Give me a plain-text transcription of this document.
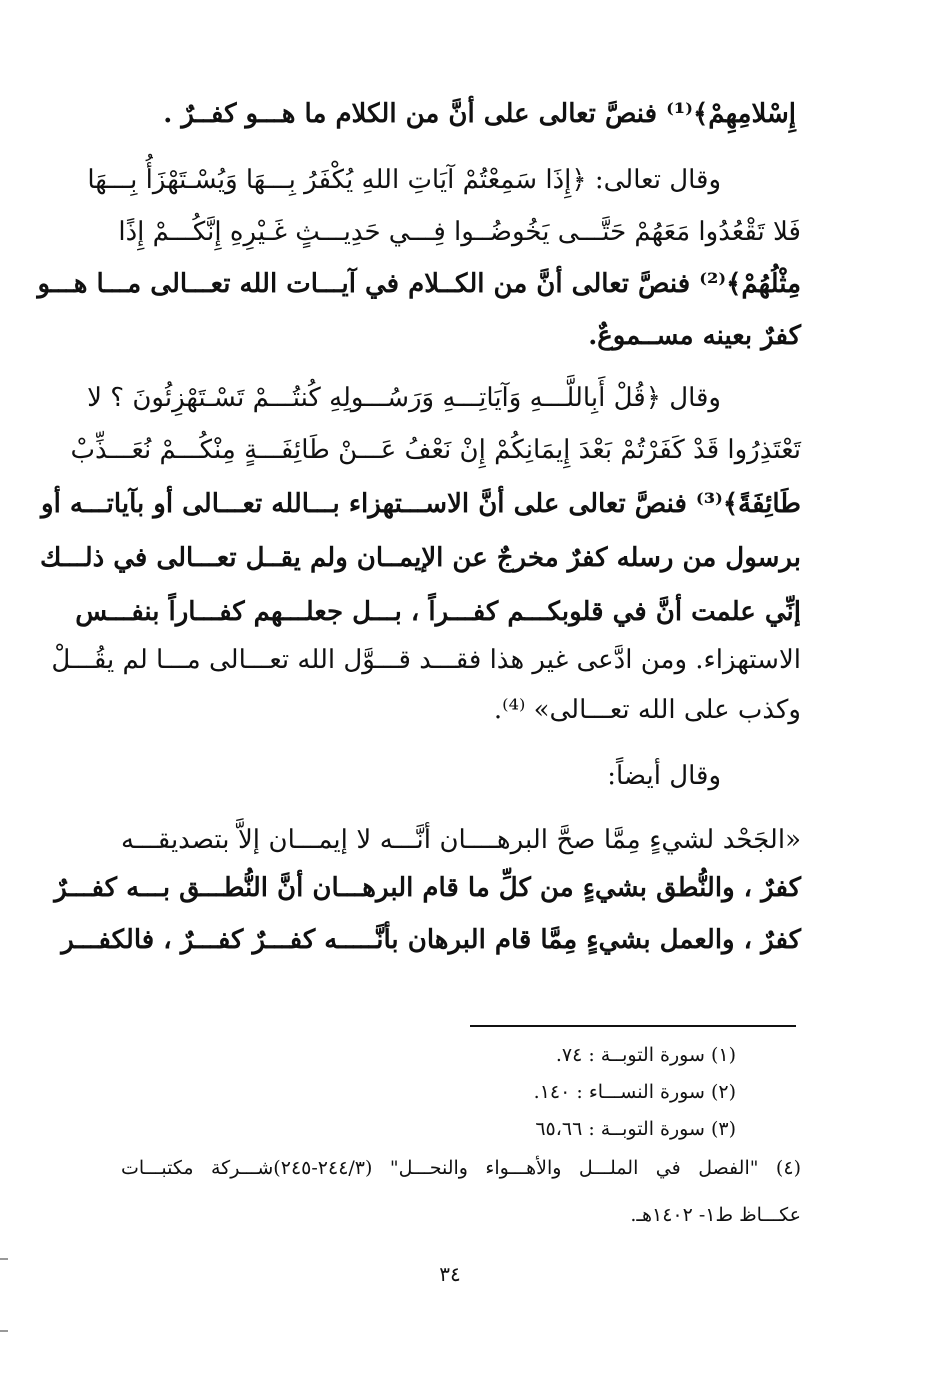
إِسْلامِهِمْ﴾⁽¹⁾ فنصَّ تعالى على أنَّ من الكلام ما هـــو كفــرٌ .
وقال تعالى: ﴿إِذَا سَمِعْتُمْ آيَاتِ اللهِ يُكْفَرُ بِـــهَا وَيُسْـتَهْزَأُ بِـــهَا
فَلا تَقْعُدُوا مَعَهُمْ حَتَّـــى يَخُوضُــوا فِـــي حَدِيـــثٍ غَـيْرِهِ إِنَّكُـــمْ إِذًا
مِثْلُهُمْ﴾⁽²⁾ فنصَّ تعالى أنَّ من الكــلام في آيـــات الله تعـــالى مـــا هـــو
كفرٌ بعينه مســموعٌ.
وقال ﴿قُلْ أَبِاللَّـــهِ وَآيَاتِـــهِ وَرَسُـــولِهِ كُنتُـــمْ تَسْـتَهْزِئُونَ ؟ لا
تَعْتَذِرُوا قَدْ كَفَرْتُمْ بَعْدَ إِيمَانِكُمْ إِنْ نَعْفُ عَـــنْ طَائِفَـــةٍ مِنْكُـــمْ نُعَـــذِّبْ
طَائِفَةً﴾⁽³⁾ فنصَّ تعالى على أنَّ الاســـتهزاء بـــالله تعـــالى أو بآياتـــه أو
برسول من رسله كفرٌ مخرجٌ عن الإيمــان ولم يقــل تعـــالى في ذلـــك
إنِّي علمت أنَّ في قلوبكـــم كفـــراً ، بـــل جعلـــهم كفـــاراً بنفـــس
الاستهزاء. ومن ادَّعى غير هذا فقـــد قـــوَّل الله تعـــالى مـــا لم يقُـــلْ
وكذب على الله تعـــالى» ⁽⁴⁾.
وقال أيضاً:
«الجَحْد لشيءٍ مِمَّا صحَّ البرهــــان أنَّـــه لا إيمـــان إلاَّ بتصديقـــه
كفرٌ ، والنُّطق بشيءٍ من كلِّ ما قام البرهـــان أنَّ النُّطـــق بـــه كفـــرٌ
كفرٌ ، والعمل بشيءٍ مِمَّا قام البرهان بأنَّـــــه كفـــرٌ كفـــرٌ ، فالكفـــر
(١) سورة التوبــة : ٧٤.
(٢) سورة النســـاء : ١٤٠.
(٣) سورة التوبــة : ٦٥،٦٦
(٤) "الفصل في الملـــل والأهـــواء والنحـــل" (٢٤٤/٣-٢٤٥)شـــركة مكتبـــات
عكـــاظ ط١- ١٤٠٢هـ.
٣٤
